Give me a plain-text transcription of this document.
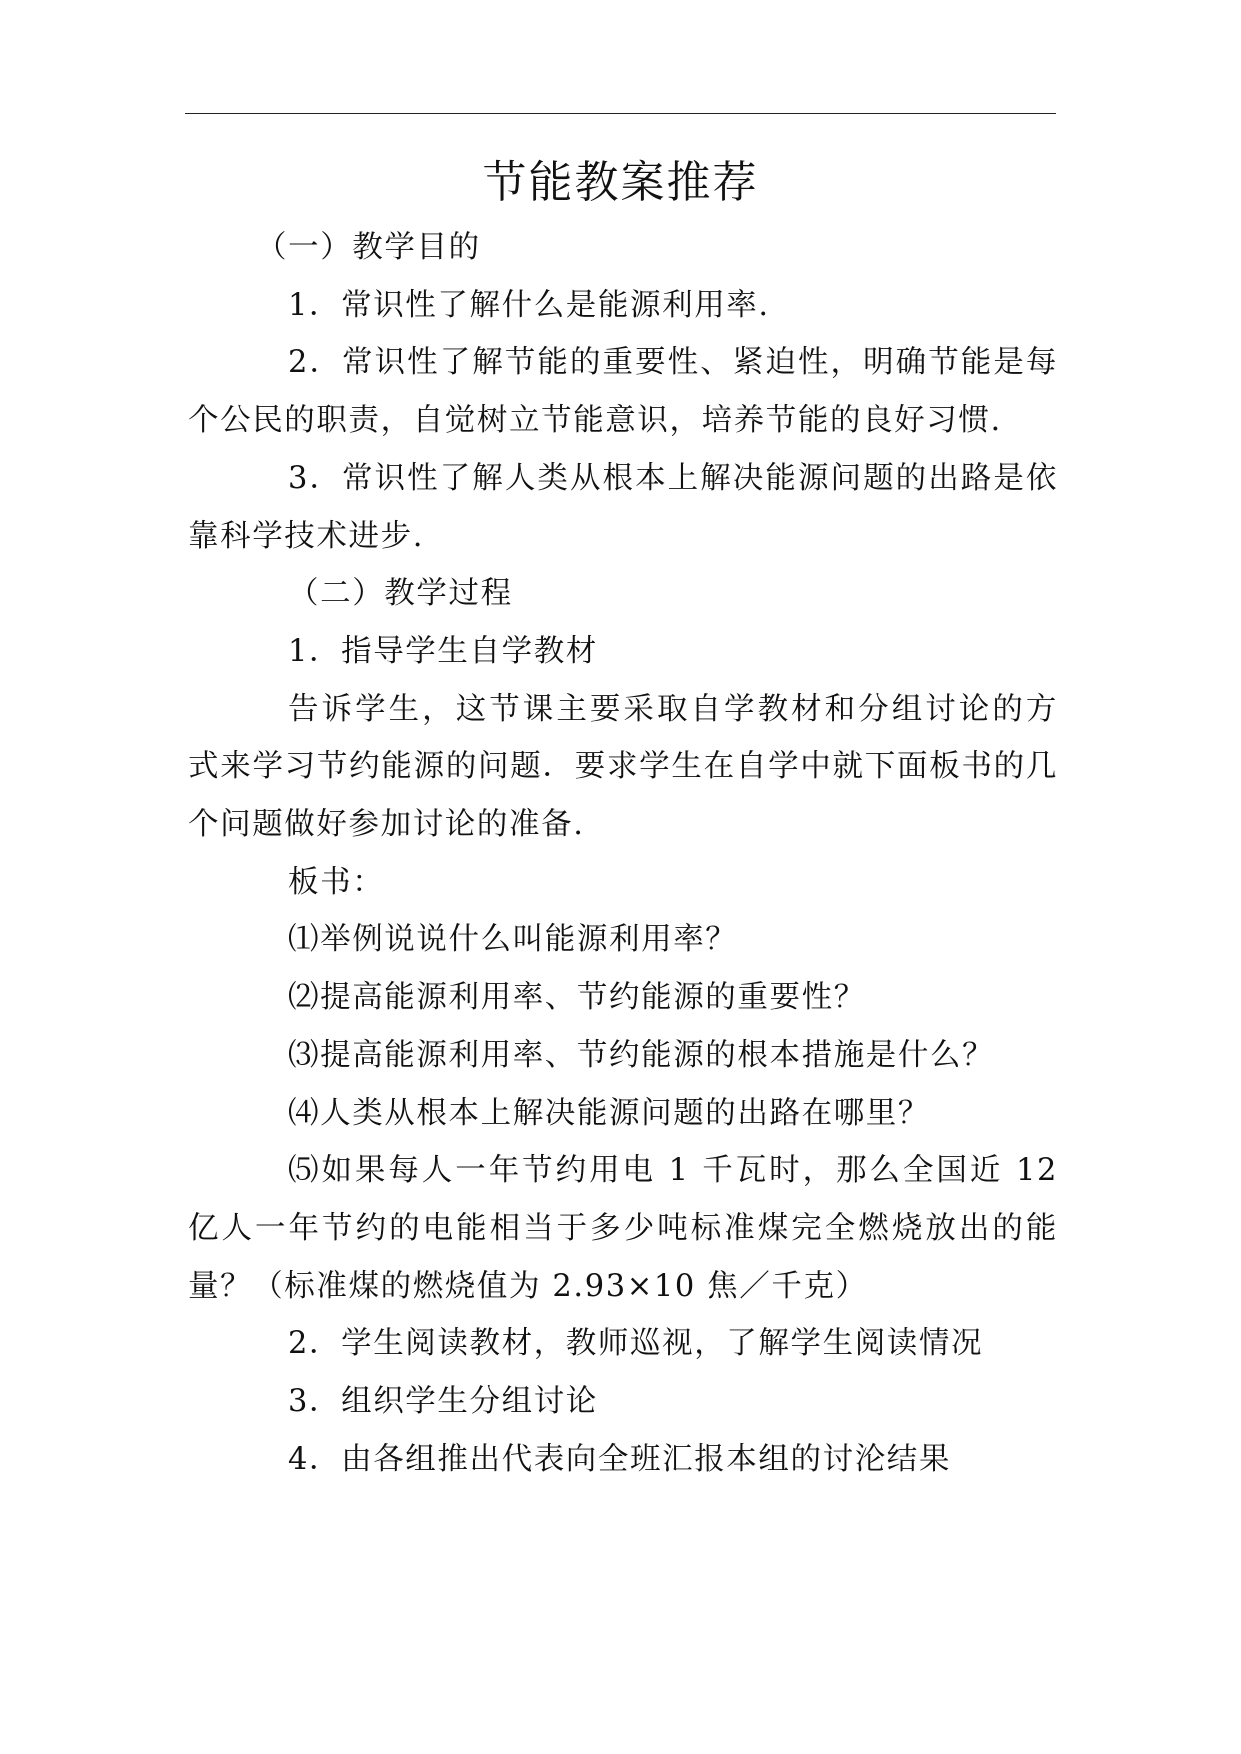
节能教案推荐

（一）教学目的

1．常识性了解什么是能源利用率.

2．常识性了解节能的重要性、紧迫性，明确节能是每个公民的职责，自觉树立节能意识，培养节能的良好习惯.

3．常识性了解人类从根本上解决能源问题的出路是依靠科学技术进步.

（二）教学过程

1．指导学生自学教材

告诉学生，这节课主要采取自学教材和分组讨论的方式来学习节约能源的问题．要求学生在自学中就下面板书的几个问题做好参加讨论的准备.

板书：

⑴举例说说什么叫能源利用率？

⑵提高能源利用率、节约能源的重要性？

⑶提高能源利用率、节约能源的根本措施是什么？

⑷人类从根本上解决能源问题的出路在哪里？

⑸如果每人一年节约用电 1 千瓦时，那么全国近 12 亿人一年节约的电能相当于多少吨标准煤完全燃烧放出的能量？（标准煤的燃烧值为 2.93×10 焦／千克）

2．学生阅读教材，教师巡视，了解学生阅读情况

3．组织学生分组讨论

4．由各组推出代表向全班汇报本组的讨沦结果
